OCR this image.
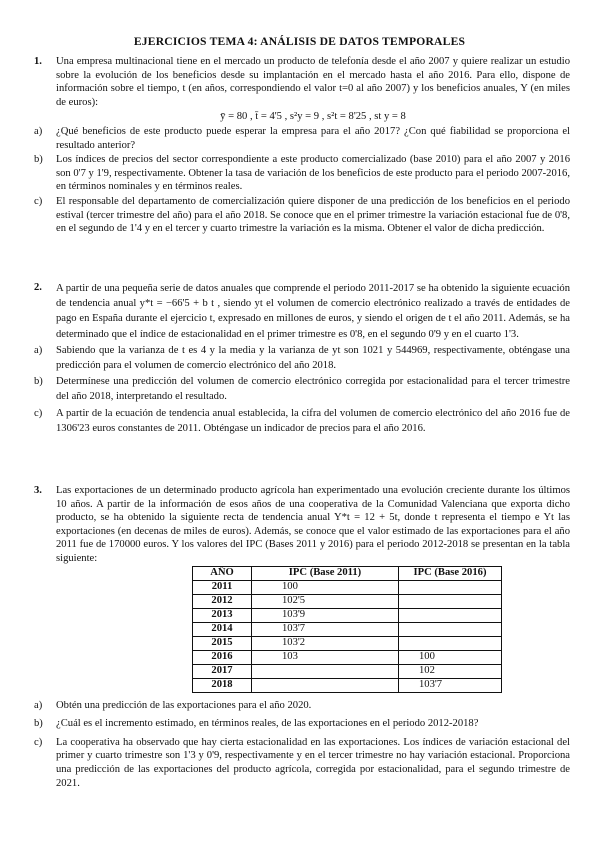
EJERCICIOS TEMA 4: ANÁLISIS DE DATOS TEMPORALES
1.	Una empresa multinacional tiene en el mercado un producto de telefonía desde el año 2007 y quiere realizar un estudio sobre la evolución de los beneficios desde su implantación en el mercado hasta el año 2016. Para ello, dispone de información sobre el tiempo, t (en años, correspondiendo el valor t=0 al año 2007) y los beneficios anuales, Y (en miles de euros):

ȳ = 80 , t̄ = 4'5 , s²y = 9 , s²t = 8'25 , st y = 8
a) ¿Qué beneficios de este producto puede esperar la empresa para el año 2017? ¿Con qué fiabilidad se proporciona el resultado anterior?
b) Los índices de precios del sector correspondiente a este producto comercializado (base 2010) para el año 2007 y 2016 son 0'7 y 1'9, respectivamente. Obtener la tasa de variación de los beneficios de este producto para el periodo 2007-2016, en términos nominales y en términos reales.
c) El responsable del departamento de comercialización quiere disponer de una predicción de los beneficios en el periodo estival (tercer trimestre del año) para el año 2018. Se conoce que en el primer trimestre la variación estacional fue de 0'8, en el segundo de 1'4 y en el tercer y cuarto trimestre la variación es la misma. Obtener el valor de dicha predicción.
2.	A partir de una pequeña serie de datos anuales que comprende el periodo 2011-2017 se ha obtenido la siguiente ecuación de tendencia anual y*t = −66'5 + b t , siendo yt el volumen de comercio electrónico realizado a través de entidades de pago en España durante el ejercicio t, expresado en millones de euros, y siendo el origen de t el año 2011. Además, se ha determinado que el índice de estacionalidad en el primer trimestre es 0'8, en el segundo 0'9 y en el cuarto 1'3.

a) Sabiendo que la varianza de t es 4 y la media y la varianza de yt son 1021 y 544969, respectivamente, obténgase una predicción para el volumen de comercio electrónico del año 2018.
b) Determínese una predicción del volumen de comercio electrónico corregida por estacionalidad para el tercer trimestre del año 2018, interpretando el resultado.
c) A partir de la ecuación de tendencia anual establecida, la cifra del volumen de comercio electrónico del año 2016 fue de 1306'23 euros constantes de 2011. Obténgase un indicador de precios para el año 2016.
3.	Las exportaciones de un determinado producto agrícola han experimentado una evolución creciente durante los últimos 10 años. A partir de la información de esos años de una cooperativa de la Comunidad Valenciana que exporta dicho producto, se ha obtenido la siguiente recta de tendencia anual Y*t = 12 + 5t, donde t representa el tiempo e Yt las exportaciones (en decenas de miles de euros). Además, se conoce que el valor estimado de las exportaciones para el año 2011 fue de 170000 euros. Y los valores del IPC (Bases 2011 y 2016) para el periodo 2012-2018 se presentan en la tabla siguiente:

AÑO	IPC (Base 2011)	IPC (Base 2016)
2011	100	
2012	102'5	
2013	103'9	
2014	103'7	
2015	103'2	
2016	103	100
2017		102
2018		103'7
a) Obtén una predicción de las exportaciones para el año 2020.
b) ¿Cuál es el incremento estimado, en términos reales, de las exportaciones en el periodo 2012-2018?
c) La cooperativa ha observado que hay cierta estacionalidad en las exportaciones. Los índices de variación estacional del primer y cuarto trimestre son 1'3 y 0'9, respectivamente y en el tercer trimestre no hay variación estacional. Proporciona una predicción de las exportaciones del producto agrícola, corregida por estacionalidad, para el segundo trimestre de 2021.
